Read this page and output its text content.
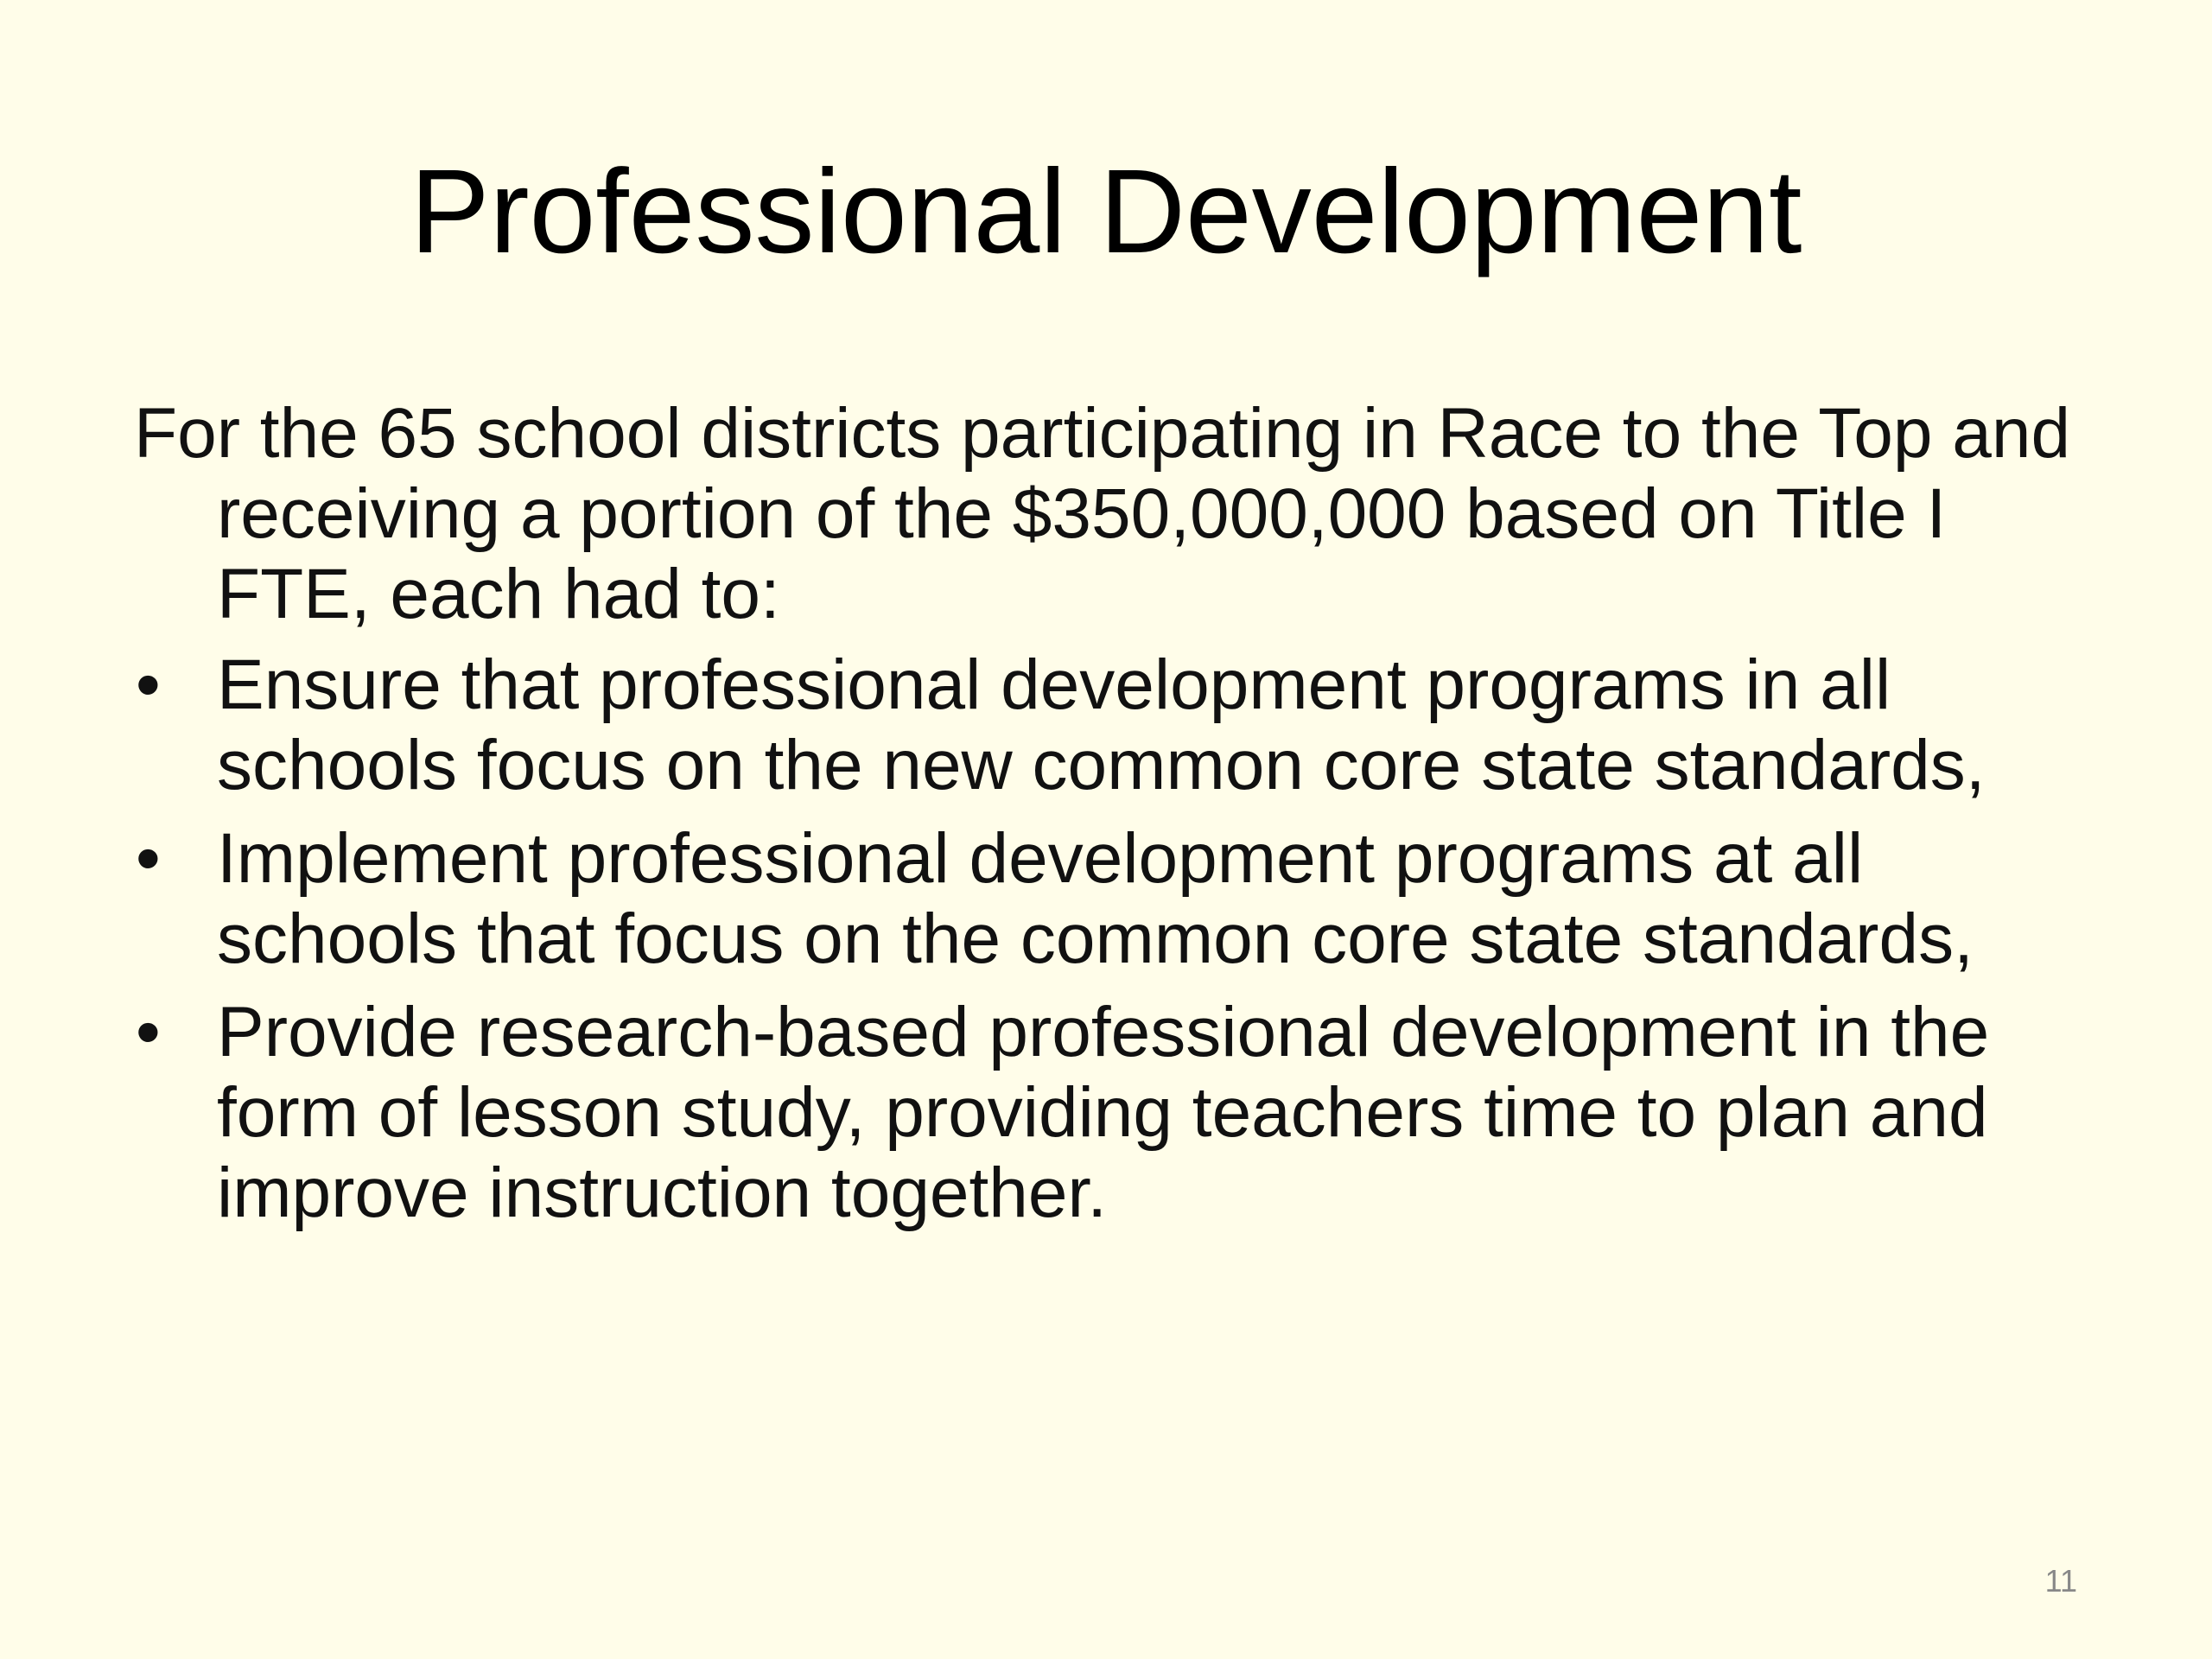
Professional Development

For the 65 school districts participating in Race to the Top and receiving a portion of the $350,000,000 based on Title I FTE, each had to:

• Ensure that professional development programs in all schools focus on the new common core state standards,
• Implement professional development programs at all schools that focus on the common core state standards,
• Provide research-based professional development in the form of lesson study, providing teachers time to plan and improve instruction together.
11
